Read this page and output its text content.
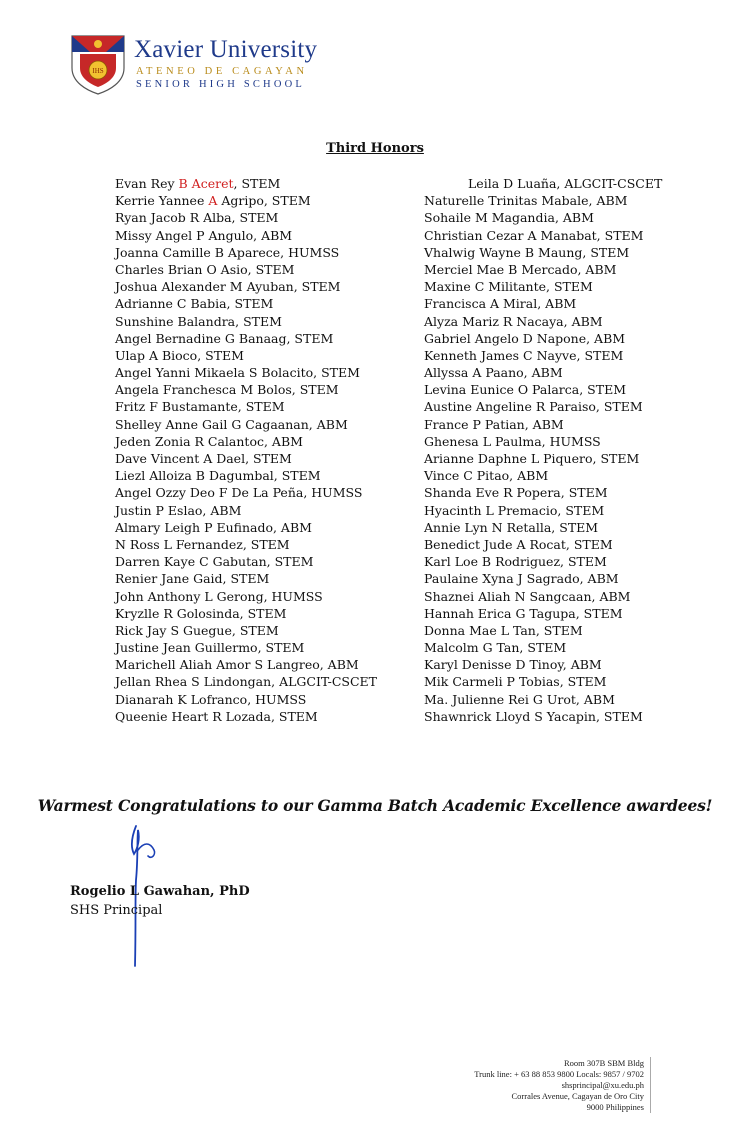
IHS
Xavier University
ATENEO DE CAGAYAN
SENIOR HIGH SCHOOL
Third Honors
Evan Rey B Aceret, STEM
Kerrie Yannee A Agripo, STEM
Ryan Jacob R Alba, STEM
Missy Angel P Angulo, ABM
Joanna Camille B Aparece, HUMSS
Charles Brian O Asio, STEM
Joshua Alexander M Ayuban, STEM
Adrianne C Babia, STEM
Sunshine Balandra, STEM
Angel Bernadine G Banaag, STEM
Ulap A Bioco, STEM
Angel Yanni Mikaela S Bolacito, STEM
Angela Franchesca M Bolos, STEM
Fritz F Bustamante, STEM
Shelley Anne Gail G Cagaanan, ABM
Jeden Zonia R Calantoc, ABM
Dave Vincent A Dael, STEM
Liezl Alloiza B Dagumbal, STEM
Angel Ozzy Deo F De La Peña, HUMSS
Justin P Eslao, ABM
Almary Leigh P Eufinado, ABM
N Ross L Fernandez, STEM
Darren Kaye C Gabutan, STEM
Renier Jane Gaid, STEM
John Anthony L Gerong, HUMSS
Kryzlle R Golosinda, STEM
Rick Jay S Guegue, STEM
Justine Jean Guillermo, STEM
Marichell Aliah Amor S Langreo, ABM
Jellan Rhea S Lindongan, ALGCIT-CSCET
Dianarah K Lofranco, HUMSS
Queenie Heart R Lozada, STEM
Leila D Luaña, ALGCIT-CSCET
Naturelle Trinitas Mabale, ABM
Sohaile M Magandia, ABM
Christian Cezar A Manabat, STEM
Vhalwig Wayne B Maung, STEM
Merciel Mae B Mercado, ABM
Maxine C Militante, STEM
Francisca A Miral, ABM
Alyza Mariz R Nacaya, ABM
Gabriel Angelo D Napone, ABM
Kenneth James C Nayve, STEM
Allyssa A Paano, ABM
Levina Eunice O Palarca, STEM
Austine Angeline R Paraiso, STEM
France P Patian, ABM
Ghenesa L Paulma, HUMSS
Arianne Daphne L Piquero, STEM
Vince C Pitao, ABM
Shanda Eve R Popera, STEM
Hyacinth L Premacio, STEM
Annie Lyn N Retalla, STEM
Benedict Jude A Rocat, STEM
Karl Loe B Rodriguez, STEM
Paulaine Xyna J Sagrado, ABM
Shaznei Aliah N Sangcaan, ABM
Hannah Erica G Tagupa, STEM
Donna Mae L Tan, STEM
Malcolm G Tan, STEM
Karyl Denisse D Tinoy, ABM
Mik Carmeli P Tobias, STEM
Ma. Julienne Rei G Urot, ABM
Shawnrick Lloyd S Yacapin, STEM
Warmest Congratulations to our Gamma Batch Academic Excellence awardees!
Rogelio L Gawahan, PhD
SHS Principal
Room 307B SBM Bldg
Trunk line: + 63 88 853 9800 Locals: 9857 / 9702
shsprincipal@xu.edu.ph
Corrales Avenue, Cagayan de Oro City
9000 Philippines
